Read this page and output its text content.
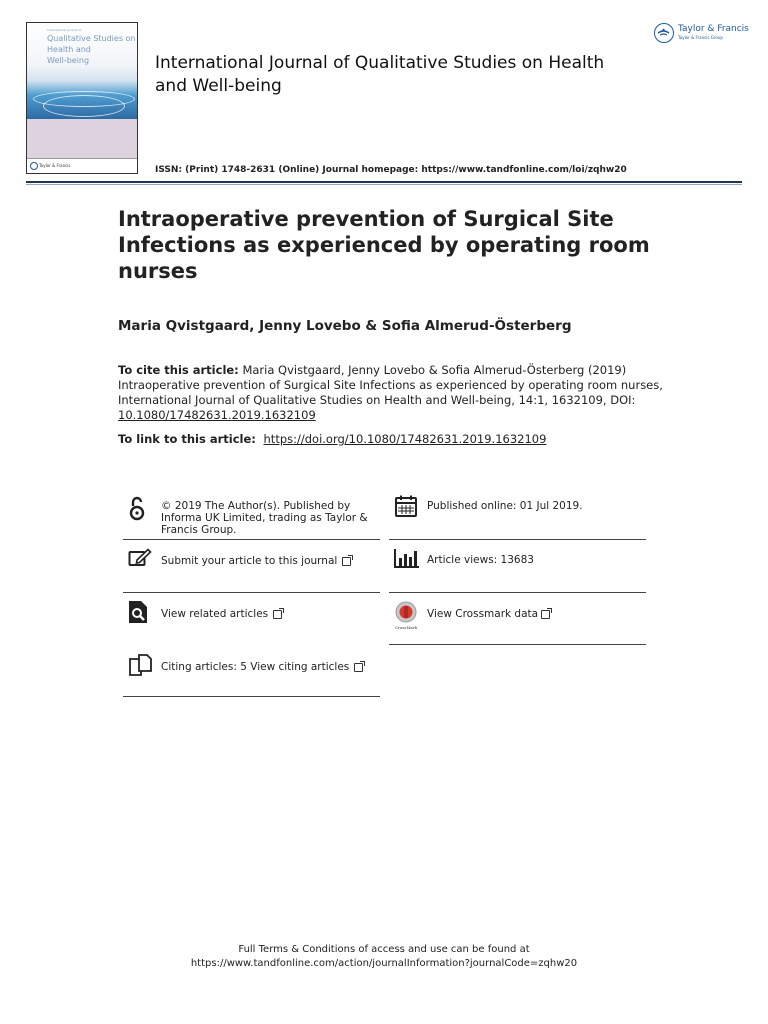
International Journal of
Qualitative Studies on
Health and
Well-being
Taylor & Francis

International Journal of Qualitative Studies on Health and Well-being
ISSN: (Print) 1748-2631 (Online) Journal homepage: https://www.tandfonline.com/loi/zqhw20
Taylor & Francis
Taylor & Francis Group
Intraoperative prevention of Surgical Site Infections as experienced by operating room nurses
Maria Qvistgaard, Jenny Lovebo & Sofia Almerud-Österberg
To cite this article: Maria Qvistgaard, Jenny Lovebo & Sofia Almerud-Österberg (2019)
Intraoperative prevention of Surgical Site Infections as experienced by operating room nurses,
International Journal of Qualitative Studies on Health and Well-being, 14:1, 1632109, DOI:
10.1080/17482631.2019.1632109
To link to this article: https://doi.org/10.1080/17482631.2019.1632109
© 2019 The Author(s). Published by Informa UK Limited, trading as Taylor & Francis Group.
Submit your article to this journal
View related articles
Citing articles: 5 View citing articles
Published online: 01 Jul 2019.
Article views: 13683
CrossMark
View Crossmark data
Full Terms & Conditions of access and use can be found at
https://www.tandfonline.com/action/journalInformation?journalCode=zqhw20
